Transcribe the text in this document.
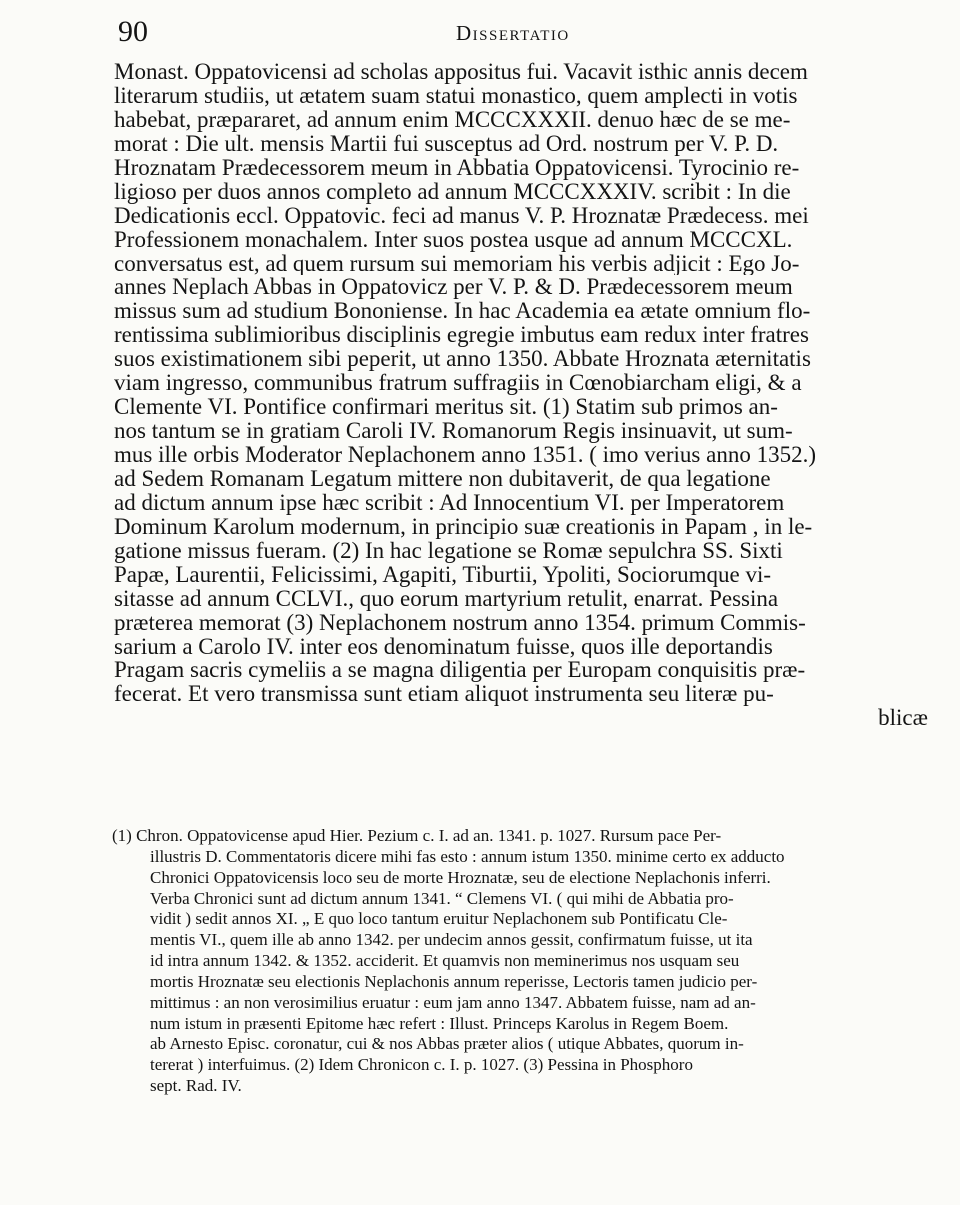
90	Dissertatio
Monast. Oppatovicensi ad scholas appositus fui. Vacavit isthic annis decem
literarum studiis, ut ætatem suam statui monastico, quem amplecti in votis
habebat, præpararet, ad annum enim MCCCXXXII. denuo hæc de se me-
morat : Die ult. mensis Martii fui susceptus ad Ord. nostrum per V. P. D.
Hroznatam Prædecessorem meum in Abbatia Oppatovicensi. Tyrocinio re-
ligioso per duos annos completo ad annum MCCCXXXIV. scribit : In die
Dedicationis eccl. Oppatovic. feci ad manus V. P. Hroznatæ Prædecess. mei
Professionem monachalem. Inter suos postea usque ad annum MCCCXL.
conversatus est, ad quem rursum sui memoriam his verbis adjicit : Ego Jo-
annes Neplach Abbas in Oppatovicz per V. P. & D. Prædecessorem meum
missus sum ad studium Bononiense. In hac Academia ea ætate omnium flo-
rentissima sublimioribus disciplinis egregie imbutus eam redux inter fratres
suos existimationem sibi peperit, ut anno 1350. Abbate Hroznata æternitatis
viam ingresso, communibus fratrum suffragiis in Cœnobiarcham eligi, & a
Clemente VI. Pontifice confirmari meritus sit. (1) Statim sub primos an-
nos tantum se in gratiam Caroli IV. Romanorum Regis insinuavit, ut sum-
mus ille orbis Moderator Neplachonem anno 1351. ( imo verius anno 1352.)
ad Sedem Romanam Legatum mittere non dubitaverit, de qua legatione
ad dictum annum ipse hæc scribit : Ad Innocentium VI. per Imperatorem
Dominum Karolum modernum, in principio suæ creationis in Papam , in le-
gatione missus fueram. (2) In hac legatione se Romæ sepulchra SS. Sixti
Papæ, Laurentii, Felicissimi, Agapiti, Tiburtii, Ypoliti, Sociorumque vi-
sitasse ad annum CCLVI., quo eorum martyrium retulit, enarrat. Pessina
præterea memorat (3) Neplachonem nostrum anno 1354. primum Commis-
sarium a Carolo IV. inter eos denominatum fuisse, quos ille deportandis
Pragam sacris cymeliis a se magna diligentia per Europam conquisitis præ-
fecerat. Et vero transmissa sunt etiam aliquot instrumenta seu literæ pu-
blicæ
(1) Chron. Oppatovicense apud Hier. Pezium c. I. ad an. 1341. p. 1027. Rursum pace Per-
illustris D. Commentatoris dicere mihi fas esto : annum istum 1350. minime certo ex adducto
Chronici Oppatovicensis loco seu de morte Hroznatæ, seu de electione Neplachonis inferri.
Verba Chronici sunt ad dictum annum 1341. “ Clemens VI. ( qui mihi de Abbatia pro-
vidit ) sedit annos XI. „ E quo loco tantum eruitur Neplachonem sub Pontificatu Cle-
mentis VI., quem ille ab anno 1342. per undecim annos gessit, confirmatum fuisse, ut ita
id intra annum 1342. & 1352. acciderit. Et quamvis non meminerimus nos usquam seu
mortis Hroznatæ seu electionis Neplachonis annum reperisse, Lectoris tamen judicio per-
mittimus : an non verosimilius eruatur : eum jam anno 1347. Abbatem fuisse, nam ad an-
num istum in præsenti Epitome hæc refert : Illust. Princeps Karolus in Regem Boem.
ab Arnesto Episc. coronatur, cui & nos Abbas præter alios ( utique Abbates, quorum in-
tererat ) interfuimus. (2) Idem Chronicon c. I. p. 1027. (3) Pessina in Phosphoro
sept. Rad. IV.
